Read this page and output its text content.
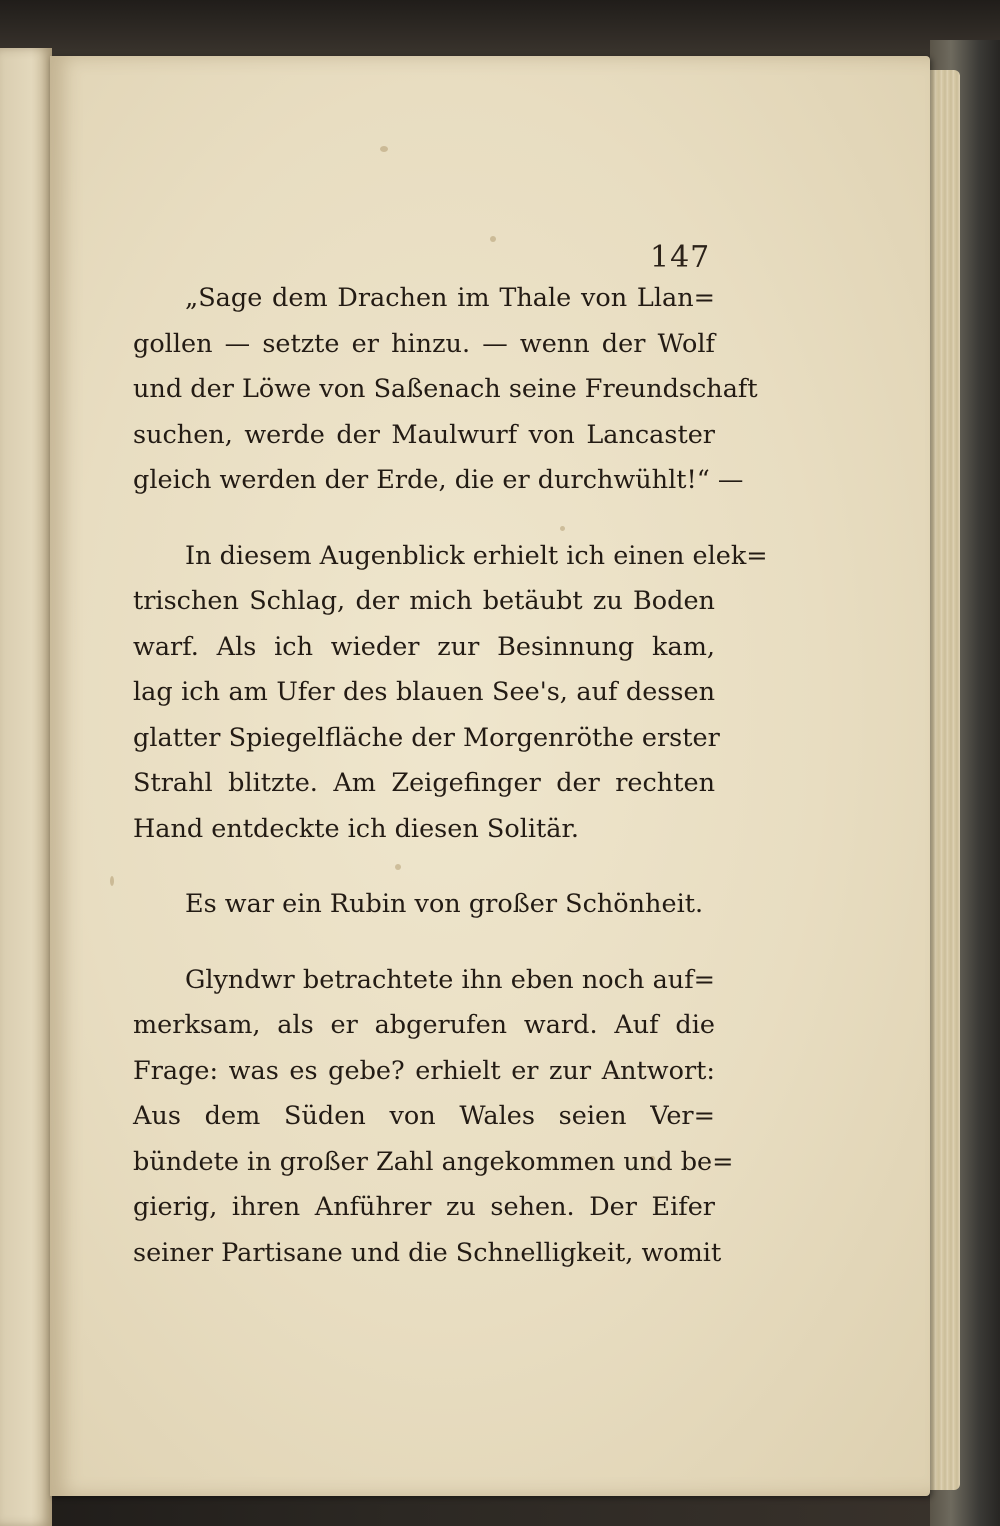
147

„Sage dem Drachen im Thale von Llan=
gollen — setzte er hinzu. — wenn der Wolf
und der Löwe von Saßenach seine Freundschaft
suchen, werde der Maulwurf von Lancaster
gleich werden der Erde, die er durchwühlt!“ —

In diesem Augenblick erhielt ich einen elek=
trischen Schlag, der mich betäubt zu Boden
warf. Als ich wieder zur Besinnung kam,
lag ich am Ufer des blauen See's, auf dessen
glatter Spiegelfläche der Morgenröthe erster
Strahl blitzte. Am Zeigefinger der rechten
Hand entdeckte ich diesen Solitär.

Es war ein Rubin von großer Schönheit.

Glyndwr betrachtete ihn eben noch auf=
merksam, als er abgerufen ward. Auf die
Frage: was es gebe? erhielt er zur Antwort:
Aus dem Süden von Wales seien Ver=
bündete in großer Zahl angekommen und be=
gierig, ihren Anführer zu sehen. Der Eifer
seiner Partisane und die Schnelligkeit, womit
